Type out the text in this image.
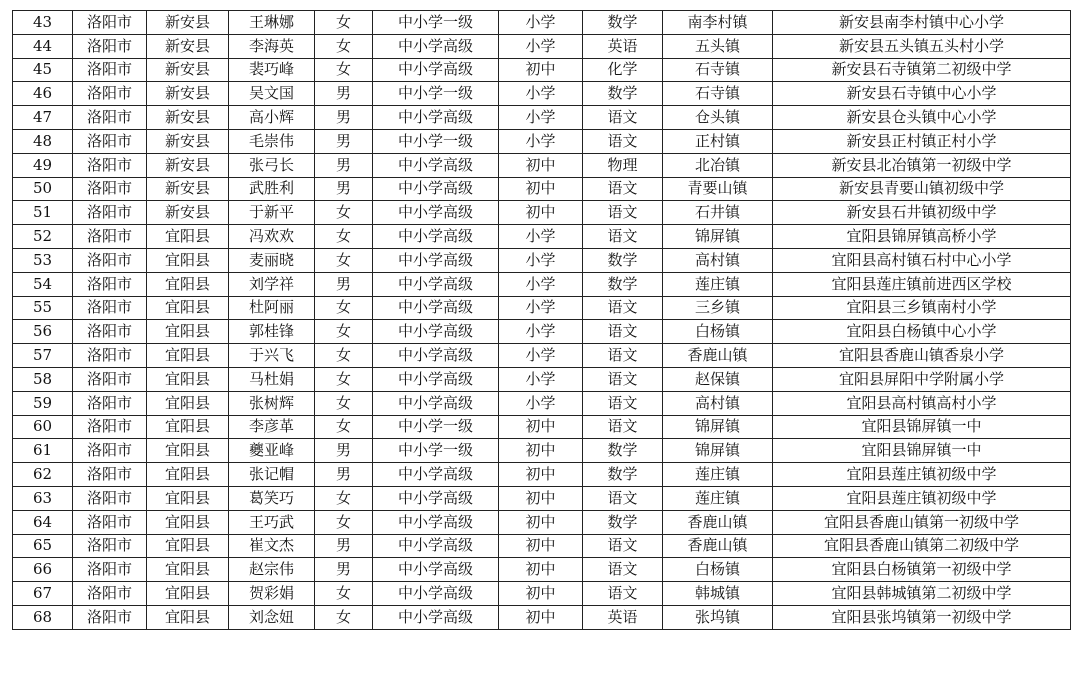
43	洛阳市	新安县	王琳娜	女	中小学一级	小学	数学	南李村镇	新安县南李村镇中心小学
44	洛阳市	新安县	李海英	女	中小学高级	小学	英语	五头镇	新安县五头镇五头村小学
45	洛阳市	新安县	裴巧峰	女	中小学高级	初中	化学	石寺镇	新安县石寺镇第二初级中学
46	洛阳市	新安县	吴文国	男	中小学一级	小学	数学	石寺镇	新安县石寺镇中心小学
47	洛阳市	新安县	高小辉	男	中小学高级	小学	语文	仓头镇	新安县仓头镇中心小学
48	洛阳市	新安县	毛崇伟	男	中小学一级	小学	语文	正村镇	新安县正村镇正村小学
49	洛阳市	新安县	张弓长	男	中小学高级	初中	物理	北冶镇	新安县北冶镇第一初级中学
50	洛阳市	新安县	武胜利	男	中小学高级	初中	语文	青要山镇	新安县青要山镇初级中学
51	洛阳市	新安县	于新平	女	中小学高级	初中	语文	石井镇	新安县石井镇初级中学
52	洛阳市	宜阳县	冯欢欢	女	中小学高级	小学	语文	锦屏镇	宜阳县锦屏镇高桥小学
53	洛阳市	宜阳县	麦丽晓	女	中小学高级	小学	数学	高村镇	宜阳县高村镇石村中心小学
54	洛阳市	宜阳县	刘学祥	男	中小学高级	小学	数学	莲庄镇	宜阳县莲庄镇前进西区学校
55	洛阳市	宜阳县	杜阿丽	女	中小学高级	小学	语文	三乡镇	宜阳县三乡镇南村小学
56	洛阳市	宜阳县	郭桂锋	女	中小学高级	小学	语文	白杨镇	宜阳县白杨镇中心小学
57	洛阳市	宜阳县	于兴飞	女	中小学高级	小学	语文	香鹿山镇	宜阳县香鹿山镇香泉小学
58	洛阳市	宜阳县	马杜娟	女	中小学高级	小学	语文	赵保镇	宜阳县屏阳中学附属小学
59	洛阳市	宜阳县	张树辉	女	中小学高级	小学	语文	高村镇	宜阳县高村镇高村小学
60	洛阳市	宜阳县	李彦革	女	中小学一级	初中	语文	锦屏镇	宜阳县锦屏镇一中
61	洛阳市	宜阳县	夔亚峰	男	中小学一级	初中	数学	锦屏镇	宜阳县锦屏镇一中
62	洛阳市	宜阳县	张记帽	男	中小学高级	初中	数学	莲庄镇	宜阳县莲庄镇初级中学
63	洛阳市	宜阳县	葛笑巧	女	中小学高级	初中	语文	莲庄镇	宜阳县莲庄镇初级中学
64	洛阳市	宜阳县	王巧武	女	中小学高级	初中	数学	香鹿山镇	宜阳县香鹿山镇第一初级中学
65	洛阳市	宜阳县	崔文杰	男	中小学高级	初中	语文	香鹿山镇	宜阳县香鹿山镇第二初级中学
66	洛阳市	宜阳县	赵宗伟	男	中小学高级	初中	语文	白杨镇	宜阳县白杨镇第一初级中学
67	洛阳市	宜阳县	贺彩娟	女	中小学高级	初中	语文	韩城镇	宜阳县韩城镇第二初级中学
68	洛阳市	宜阳县	刘念妞	女	中小学高级	初中	英语	张坞镇	宜阳县张坞镇第一初级中学
